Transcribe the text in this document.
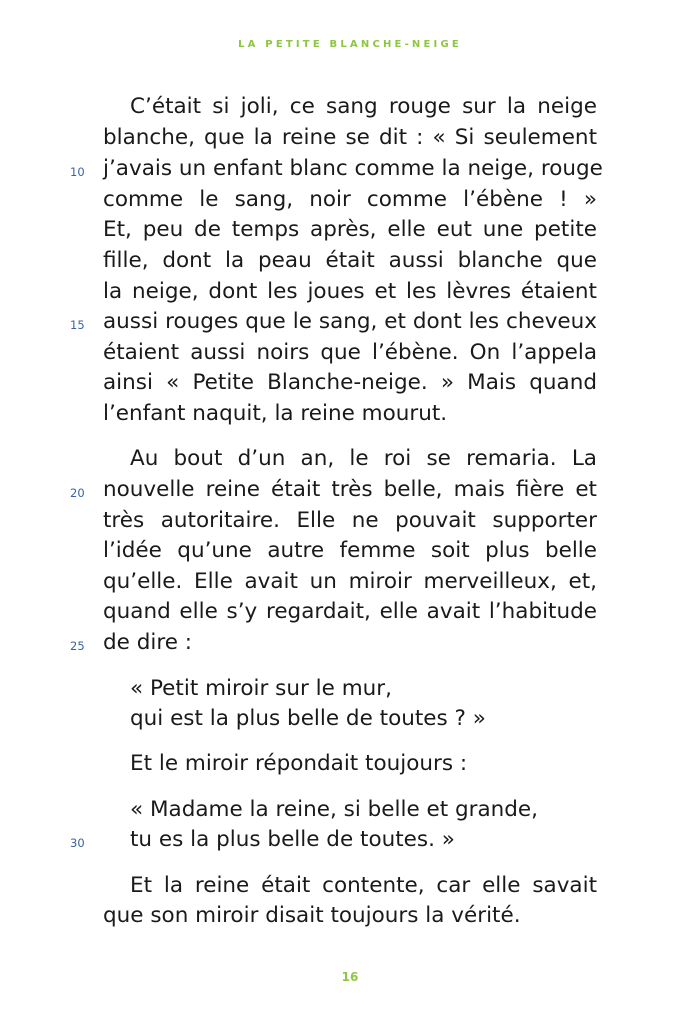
LA PETITE BLANCHE-NEIGE
C’était si joli, ce sang rouge sur la neige
blanche, que la reine se dit : « Si seulement
j’avais un enfant blanc comme la neige, rouge
comme le sang, noir comme l’ébène ! »
Et, peu de temps après, elle eut une petite
fille, dont la peau était aussi blanche que
la neige, dont les joues et les lèvres étaient
aussi rouges que le sang, et dont les cheveux
étaient aussi noirs que l’ébène. On l’appela
ainsi « Petite Blanche-neige. » Mais quand
l’enfant naquit, la reine mourut.
Au bout d’un an, le roi se remaria. La
nouvelle reine était très belle, mais fière et
très autoritaire. Elle ne pouvait supporter
l’idée qu’une autre femme soit plus belle
qu’elle. Elle avait un miroir merveilleux, et,
quand elle s’y regardait, elle avait l’habitude
de dire :
« Petit miroir sur le mur,
qui est la plus belle de toutes ? »
Et le miroir répondait toujours :
« Madame la reine, si belle et grande,
tu es la plus belle de toutes. »
Et la reine était contente, car elle savait
que son miroir disait toujours la vérité.
10
15
20
25
30
16
